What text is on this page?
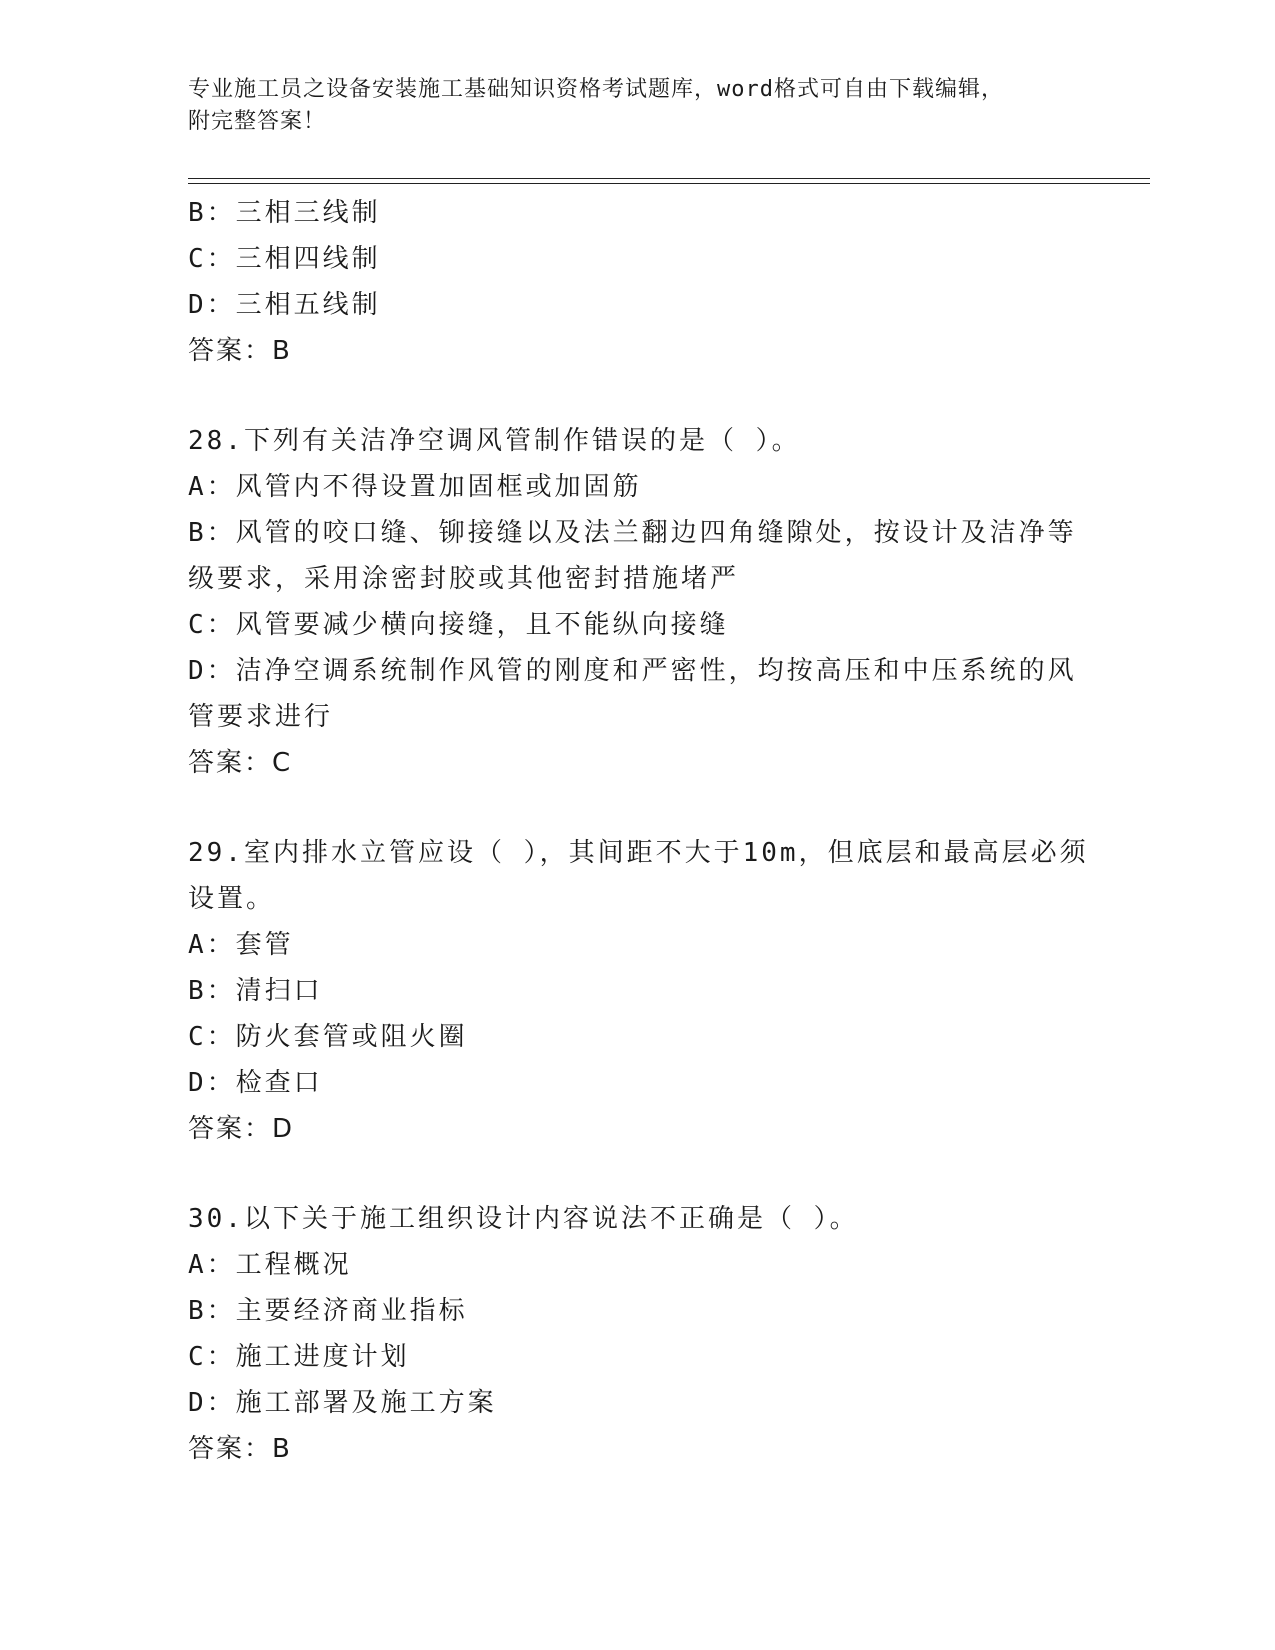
专业施工员之设备安装施工基础知识资格考试题库，word格式可自由下载编辑，
附完整答案！
B：三相三线制
C：三相四线制
D：三相五线制
答案：B
28.下列有关洁净空调风管制作错误的是（ ）。
A：风管内不得设置加固框或加固筋
B：风管的咬口缝、铆接缝以及法兰翻边四角缝隙处，按设计及洁净等
级要求，采用涂密封胶或其他密封措施堵严
C：风管要减少横向接缝，且不能纵向接缝
D：洁净空调系统制作风管的刚度和严密性，均按高压和中压系统的风
管要求进行
答案：C
29.室内排水立管应设（ ），其间距不大于10m，但底层和最高层必须
设置。
A：套管
B：清扫口
C：防火套管或阻火圈
D：检查口
答案：D
30.以下关于施工组织设计内容说法不正确是（ ）。
A：工程概况
B：主要经济商业指标
C：施工进度计划
D：施工部署及施工方案
答案：B
